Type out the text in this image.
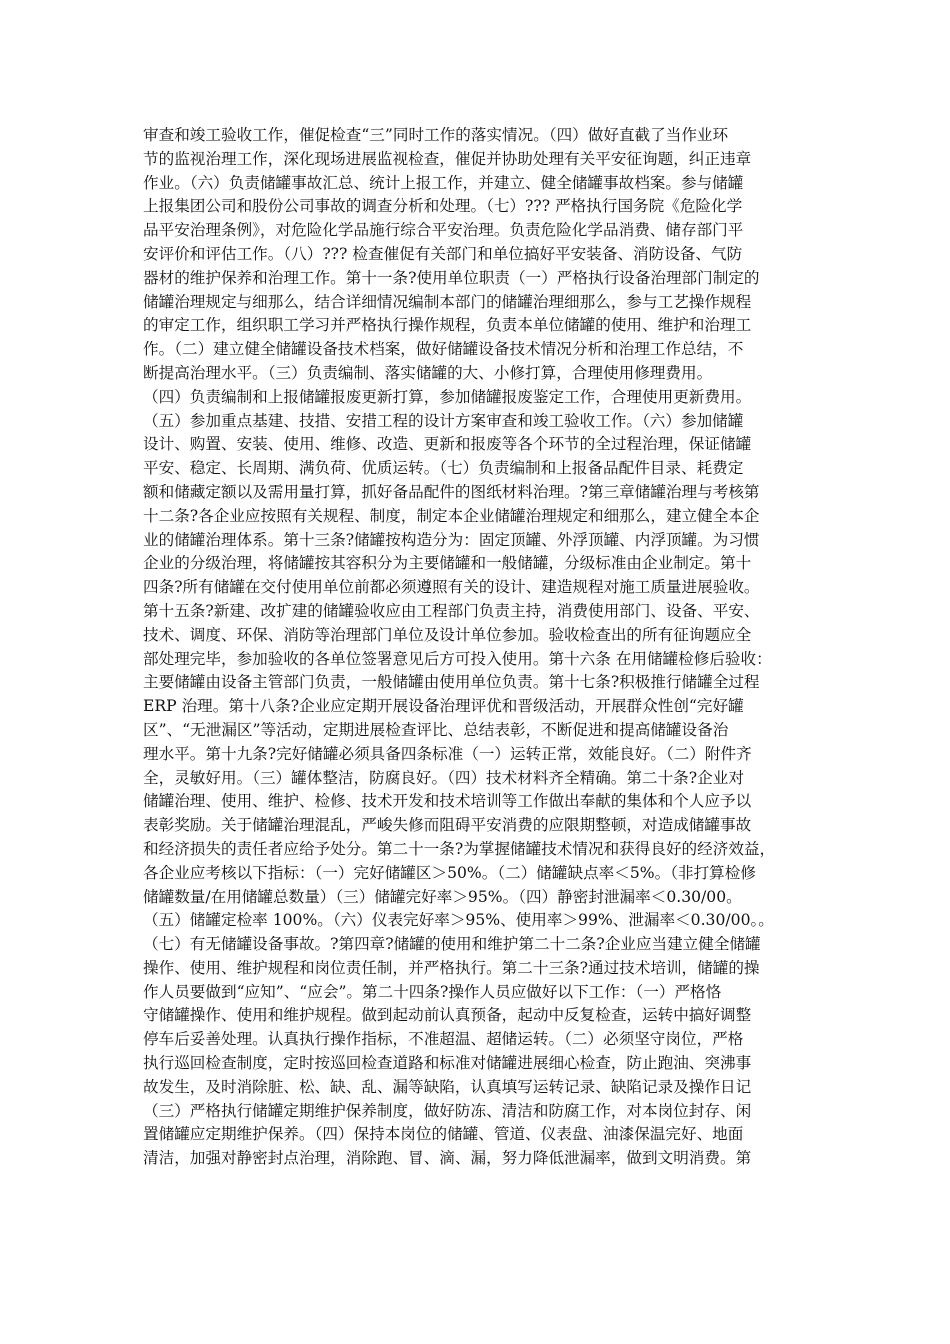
审查和竣工验收工作，催促检查“三”同时工作的落实情况。（四）做好直截了当作业环
节的监视治理工作，深化现场进展监视检查，催促并协助处理有关平安征询题，纠正违章
作业。（六）负责储罐事故汇总、统计上报工作，并建立、健全储罐事故档案。参与储罐
上报集团公司和股份公司事故的调查分析和处理。（七）??? 严格执行国务院《危险化学
品平安治理条例》，对危险化学品施行综合平安治理。负责危险化学品消费、储存部门平
安评价和评估工作。（八）??? 检查催促有关部门和单位搞好平安装备、消防设备、气防
器材的维护保养和治理工作。第十一条?使用单位职责（一）严格执行设备治理部门制定的
储罐治理规定与细那么，结合详细情况编制本部门的储罐治理细那么，参与工艺操作规程
的审定工作，组织职工学习并严格执行操作规程，负责本单位储罐的使用、维护和治理工
作。（二）建立健全储罐设备技术档案，做好储罐设备技术情况分析和治理工作总结，不
断提高治理水平。（三）负责编制、落实储罐的大、小修打算，合理使用修理费用。
（四）负责编制和上报储罐报废更新打算，参加储罐报废鉴定工作，合理使用更新费用。
（五）参加重点基建、技措、安措工程的设计方案审查和竣工验收工作。（六）参加储罐
设计、购置、安装、使用、维修、改造、更新和报废等各个环节的全过程治理，保证储罐
平安、稳定、长周期、满负荷、优质运转。（七）负责编制和上报备品配件目录、耗费定
额和储藏定额以及需用量打算，抓好备品配件的图纸材料治理。?第三章储罐治理与考核第
十二条?各企业应按照有关规程、制度，制定本企业储罐治理规定和细那么，建立健全本企
业的储罐治理体系。第十三条?储罐按构造分为：固定顶罐、外浮顶罐、内浮顶罐。为习惯
企业的分级治理，将储罐按其容积分为主要储罐和一般储罐，分级标准由企业制定。第十
四条?所有储罐在交付使用单位前都必须遵照有关的设计、建造规程对施工质量进展验收。
第十五条?新建、改扩建的储罐验收应由工程部门负责主持，消费使用部门、设备、平安、
技术、调度、环保、消防等治理部门单位及设计单位参加。验收检查出的所有征询题应全
部处理完毕，参加验收的各单位签署意见后方可投入使用。第十六条 在用储罐检修后验收：
主要储罐由设备主管部门负责，一般储罐由使用单位负责。第十七条?积极推行储罐全过程
ERP 治理。第十八条?企业应定期开展设备治理评优和晋级活动，开展群众性创“完好罐
区”、“无泄漏区”等活动，定期进展检查评比、总结表彰，不断促进和提高储罐设备治
理水平。第十九条?完好储罐必须具备四条标准（一）运转正常，效能良好。（二）附件齐
全，灵敏好用。（三）罐体整洁，防腐良好。（四）技术材料齐全精确。第二十条?企业对
储罐治理、使用、维护、检修、技术开发和技术培训等工作做出奉献的集体和个人应予以
表彰奖励。关于储罐治理混乱，严峻失修而阻碍平安消费的应限期整顿，对造成储罐事故
和经济损失的责任者应给予处分。第二十一条?为掌握储罐技术情况和获得良好的经济效益，
各企业应考核以下指标：（一）完好储罐区＞50%。（二）储罐缺点率＜5%。（非打算检修
储罐数量/在用储罐总数量）（三）储罐完好率＞95%。（四）静密封泄漏率＜0.30/00。
（五）储罐定检率 100%。（六）仪表完好率＞95%、使用率＞99%、泄漏率＜0.30/00。。
（七）有无储罐设备事故。?第四章?储罐的使用和维护第二十二条?企业应当建立健全储罐
操作、使用、维护规程和岗位责任制，并严格执行。第二十三条?通过技术培训，储罐的操
作人员要做到“应知”、“应会”。第二十四条?操作人员应做好以下工作：（一）严格恪
守储罐操作、使用和维护规程。做到起动前认真预备，起动中反复检查，运转中搞好调整
停车后妥善处理。认真执行操作指标，不准超温、超储运转。（二）必须坚守岗位，严格
执行巡回检查制度，定时按巡回检查道路和标准对储罐进展细心检查，防止跑油、突沸事
故发生，及时消除脏、松、缺、乱、漏等缺陷，认真填写运转记录、缺陷记录及操作日记
（三）严格执行储罐定期维护保养制度，做好防冻、清洁和防腐工作，对本岗位封存、闲
置储罐应定期维护保养。（四）保持本岗位的储罐、管道、仪表盘、油漆保温完好、地面
清洁，加强对静密封点治理，消除跑、冒、滴、漏，努力降低泄漏率，做到文明消费。第
